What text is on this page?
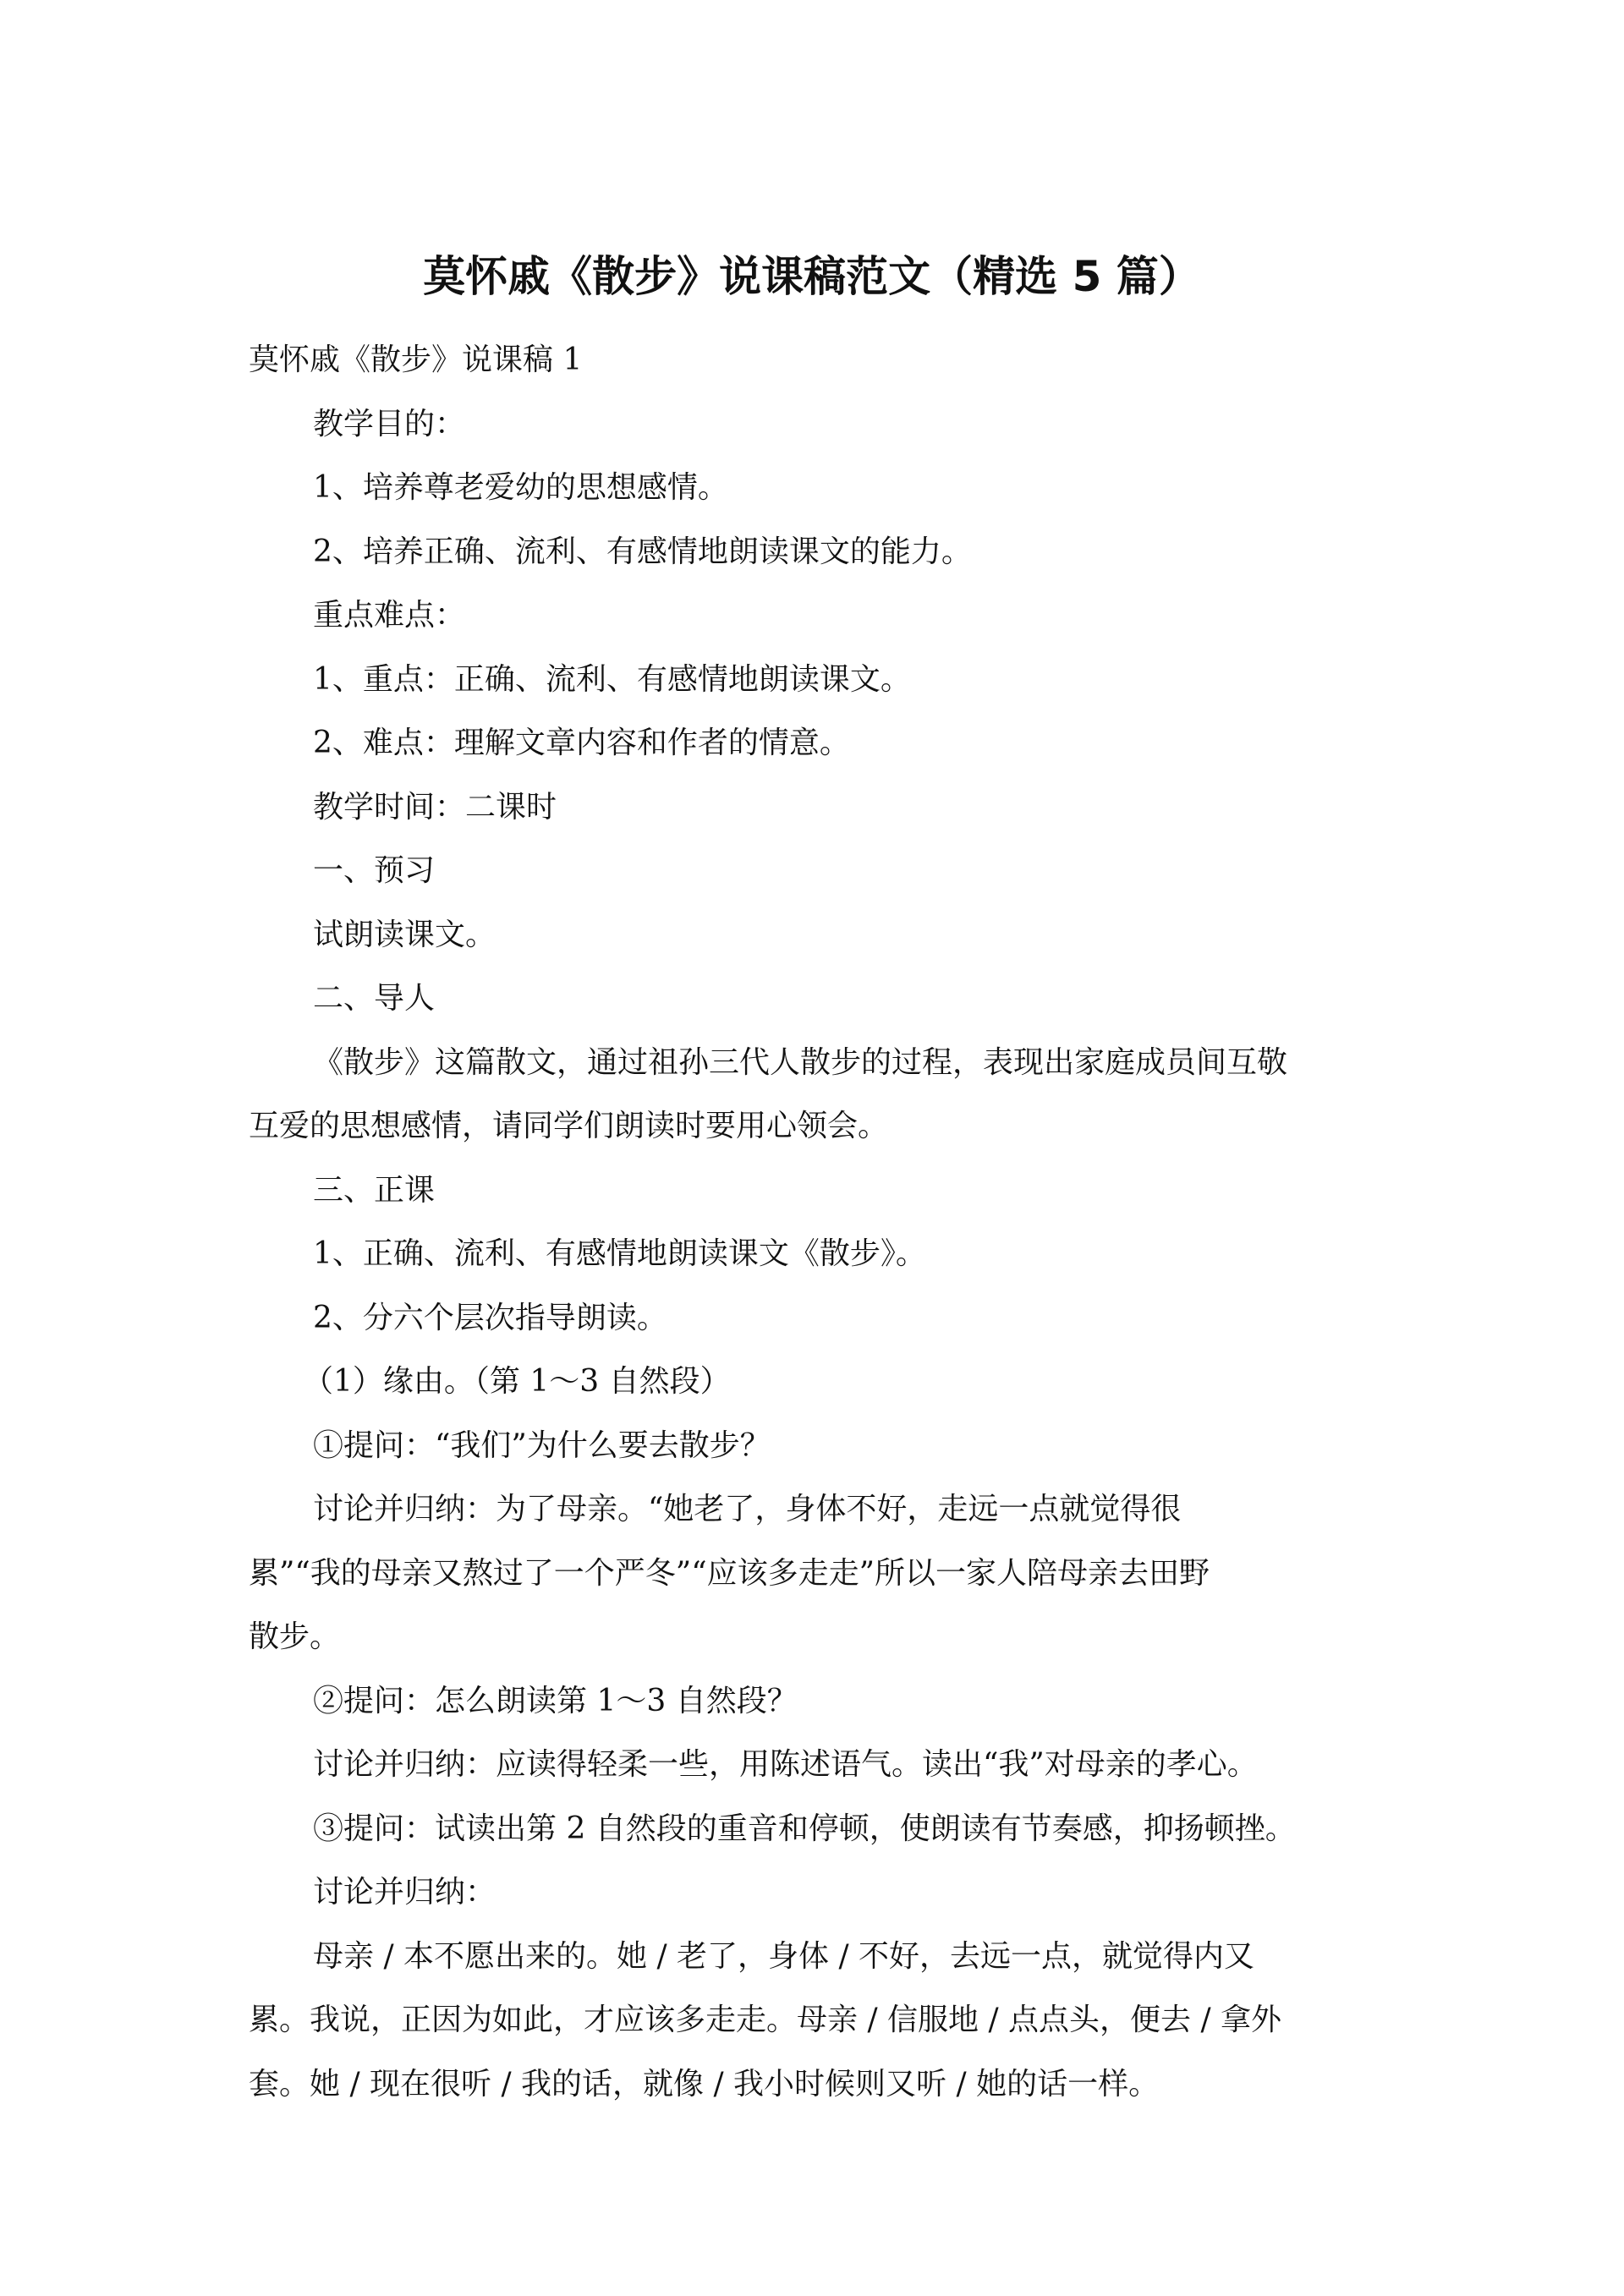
莫怀戚《散步》说课稿范文（精选 5 篇）

莫怀戚《散步》说课稿 1

教学目的：

1、培养尊老爱幼的思想感情。

2、培养正确、流利、有感情地朗读课文的能力。

重点难点：

1、重点：正确、流利、有感情地朗读课文。

2、难点：理解文章内容和作者的情意。

教学时间：二课时

一、预习

试朗读课文。

二、导人

《散步》这篇散文，通过祖孙三代人散步的过程，表现出家庭成员间互敬

互爱的思想感情，请同学们朗读时要用心领会。

三、正课

1、正确、流利、有感情地朗读课文《散步》。

2、分六个层次指导朗读。

（1）缘由。（第 1～3 自然段）

①提问：“我们”为什么要去散步？

讨论并归纳：为了母亲。“她老了，身体不好，走远一点就觉得很

累”“我的母亲又熬过了一个严冬”“应该多走走”所以一家人陪母亲去田野

散步。

②提问：怎么朗读第 1～3 自然段？

讨论并归纳：应读得轻柔一些，用陈述语气。读出“我”对母亲的孝心。

③提问：试读出第 2 自然段的重音和停顿，使朗读有节奏感，抑扬顿挫。

讨论并归纳：

母亲 / 本不愿出来的。她 / 老了，身体 / 不好，去远一点，就觉得内又

累。我说，正因为如此，才应该多走走。母亲 / 信服地 / 点点头，便去 / 拿外

套。她 / 现在很听 / 我的话，就像 / 我小时候则又听 / 她的话一样。
